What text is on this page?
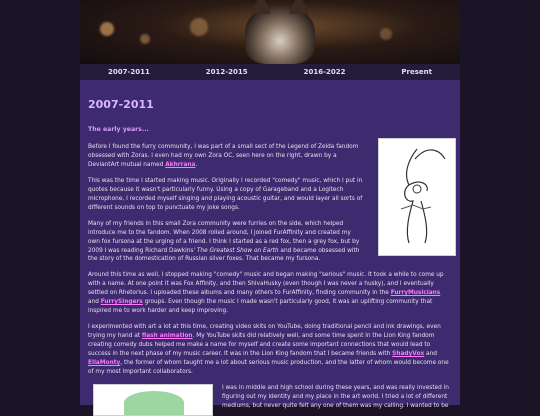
2007-2011	2012-2015	2016-2022	Present
2007-2011
The early years...

Before I found the furry community, I was part of a small sect of the Legend of Zelda fandom obsessed with Zoras. I even had my own Zora OC, seen here on the right, drawn by a DeviantArt mutual named Akhrrana.

This was the time I started making music. Originally I recorded "comedy" music, which I put in quotes because it wasn't particularly funny. Using a copy of Garageband and a Logitech microphone, I recorded myself singing and playing acoustic guitar, and would layer all sorts of different sounds on top to punctuate my joke songs.

Many of my friends in this small Zora community were furries on the side, which helped introduce me to the fandom. When 2008 rolled around, I joined FurAffinity and created my own fox fursona at the urging of a friend. I think I started as a red fox, then a grey fox, but by 2009 I was reading Richard Dawkins' The Greatest Show on Earth and became obsessed with the story of the domestication of Russian silver foxes. That became my fursona.

Around this time as well, I stopped making "comedy" music and began making "serious" music. It took a while to come up with a name. At one point it was Fox Affinity, and then ShivaHusky (even though I was never a husky), and I eventually settled on Rhetorius. I uploaded these albums and many others to FurAffinity, finding community in the FurryMusicians and FurrySingers groups. Even though the music I made wasn't particularly good, it was an uplifting community that inspired me to work harder and keep improving.

I experimented with art a lot at this time, creating video skits on YouTube, doing traditional pencil and ink drawings, even trying my hand at flash animation. My YouTube skits did relatively well, and some time spent in the Lion King fandom creating comedy dubs helped me make a name for myself and create some important connections that would lead to success in the next phase of my music career. It was in the Lion King fandom that I became friends with ShadyVox and EllaMonty, the former of whom taught me a lot about serious music production, and the latter of whom would become one of my most important collaborators.

I was in middle and high school during these years, and was really invested in figuring out my identity and my place in the art world. I tried a lot of different mediums, but never quite felt any one of them was my calling. I wanted to be
